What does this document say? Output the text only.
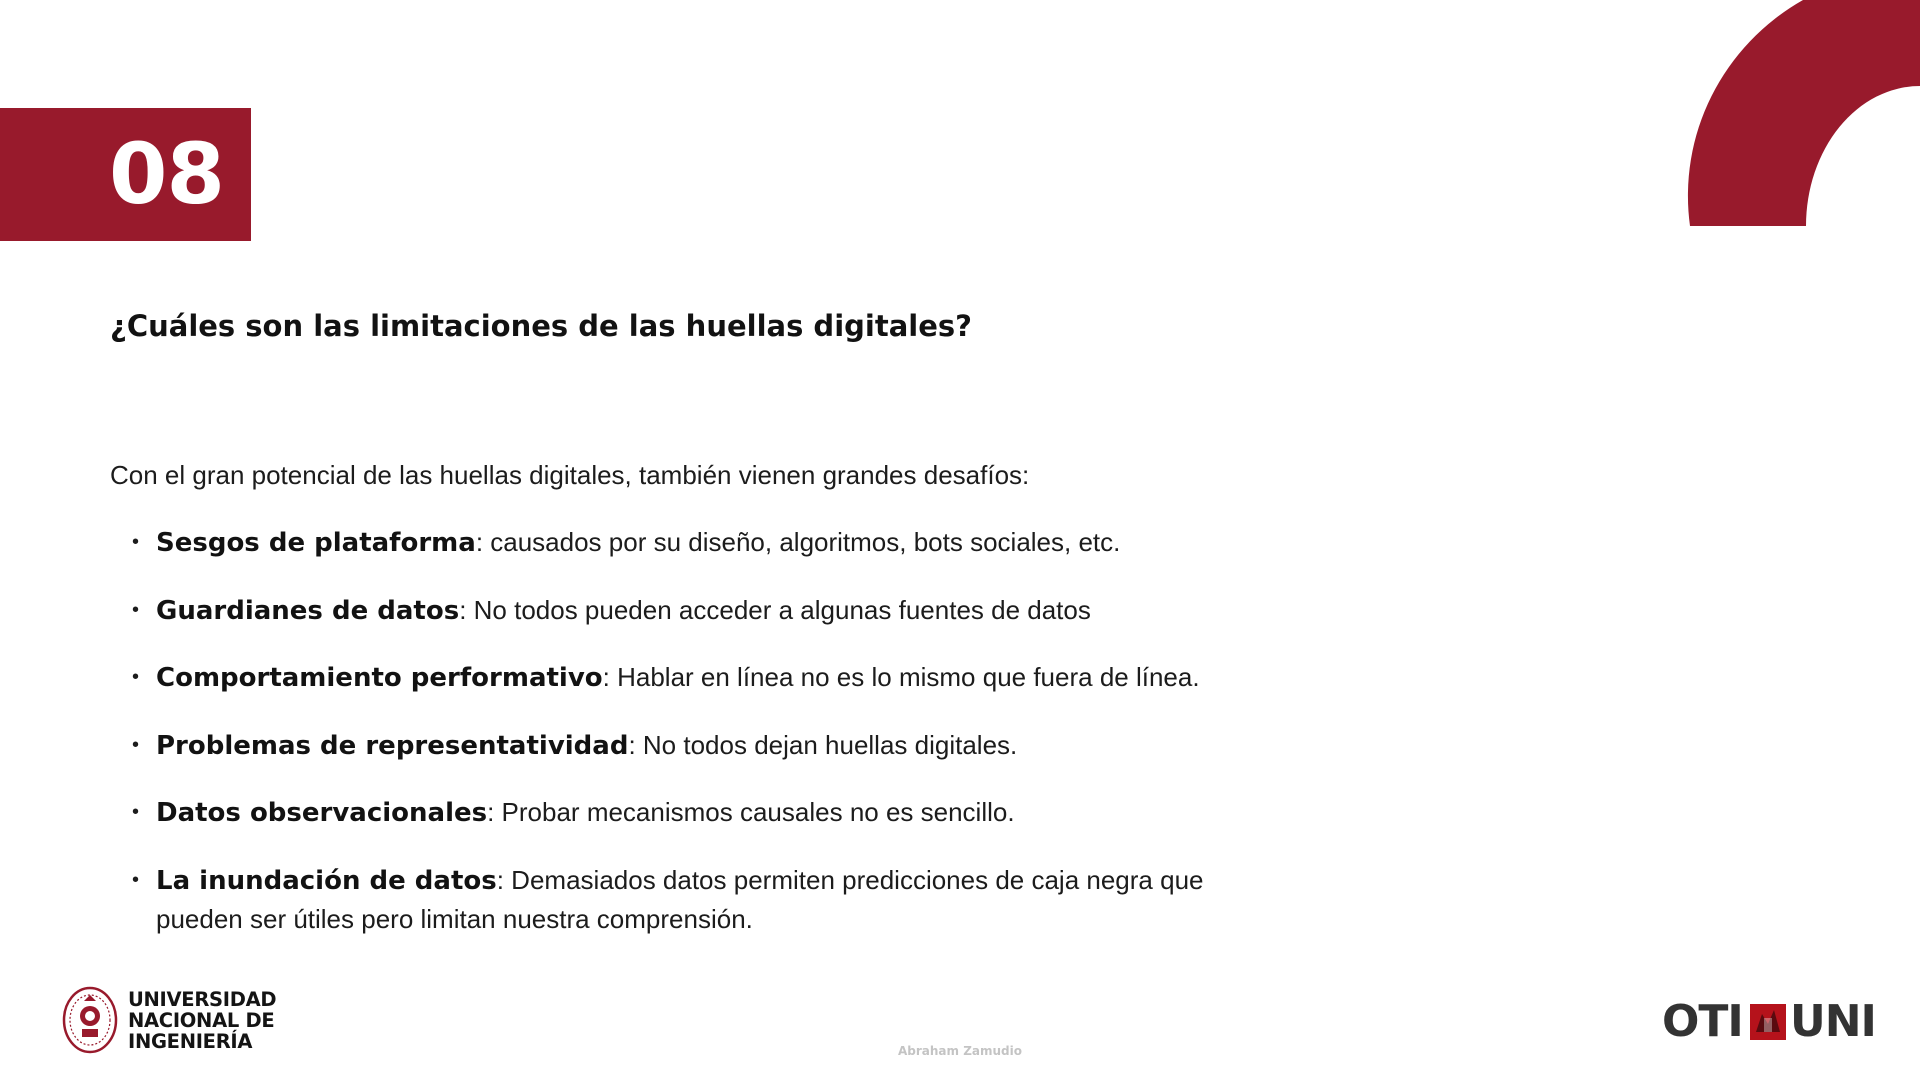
08
¿Cuáles son las limitaciones de las huellas digitales?
Con el gran potencial de las huellas digitales, también vienen grandes desafíos:
• Sesgos de plataforma: causados por su diseño, algoritmos, bots sociales, etc.
• Guardianes de datos: No todos pueden acceder a algunas fuentes de datos
• Comportamiento performativo: Hablar en línea no es lo mismo que fuera de línea.
• Problemas de representatividad: No todos dejan huellas digitales.
• Datos observacionales: Probar mecanismos causales no es sencillo.
• La inundación de datos: Demasiados datos permiten predicciones de caja negra que pueden ser útiles pero limitan nuestra comprensión.
UNIVERSIDAD
NACIONAL DE
INGENIERÍA	Abraham Zamudio
OTI UNI
